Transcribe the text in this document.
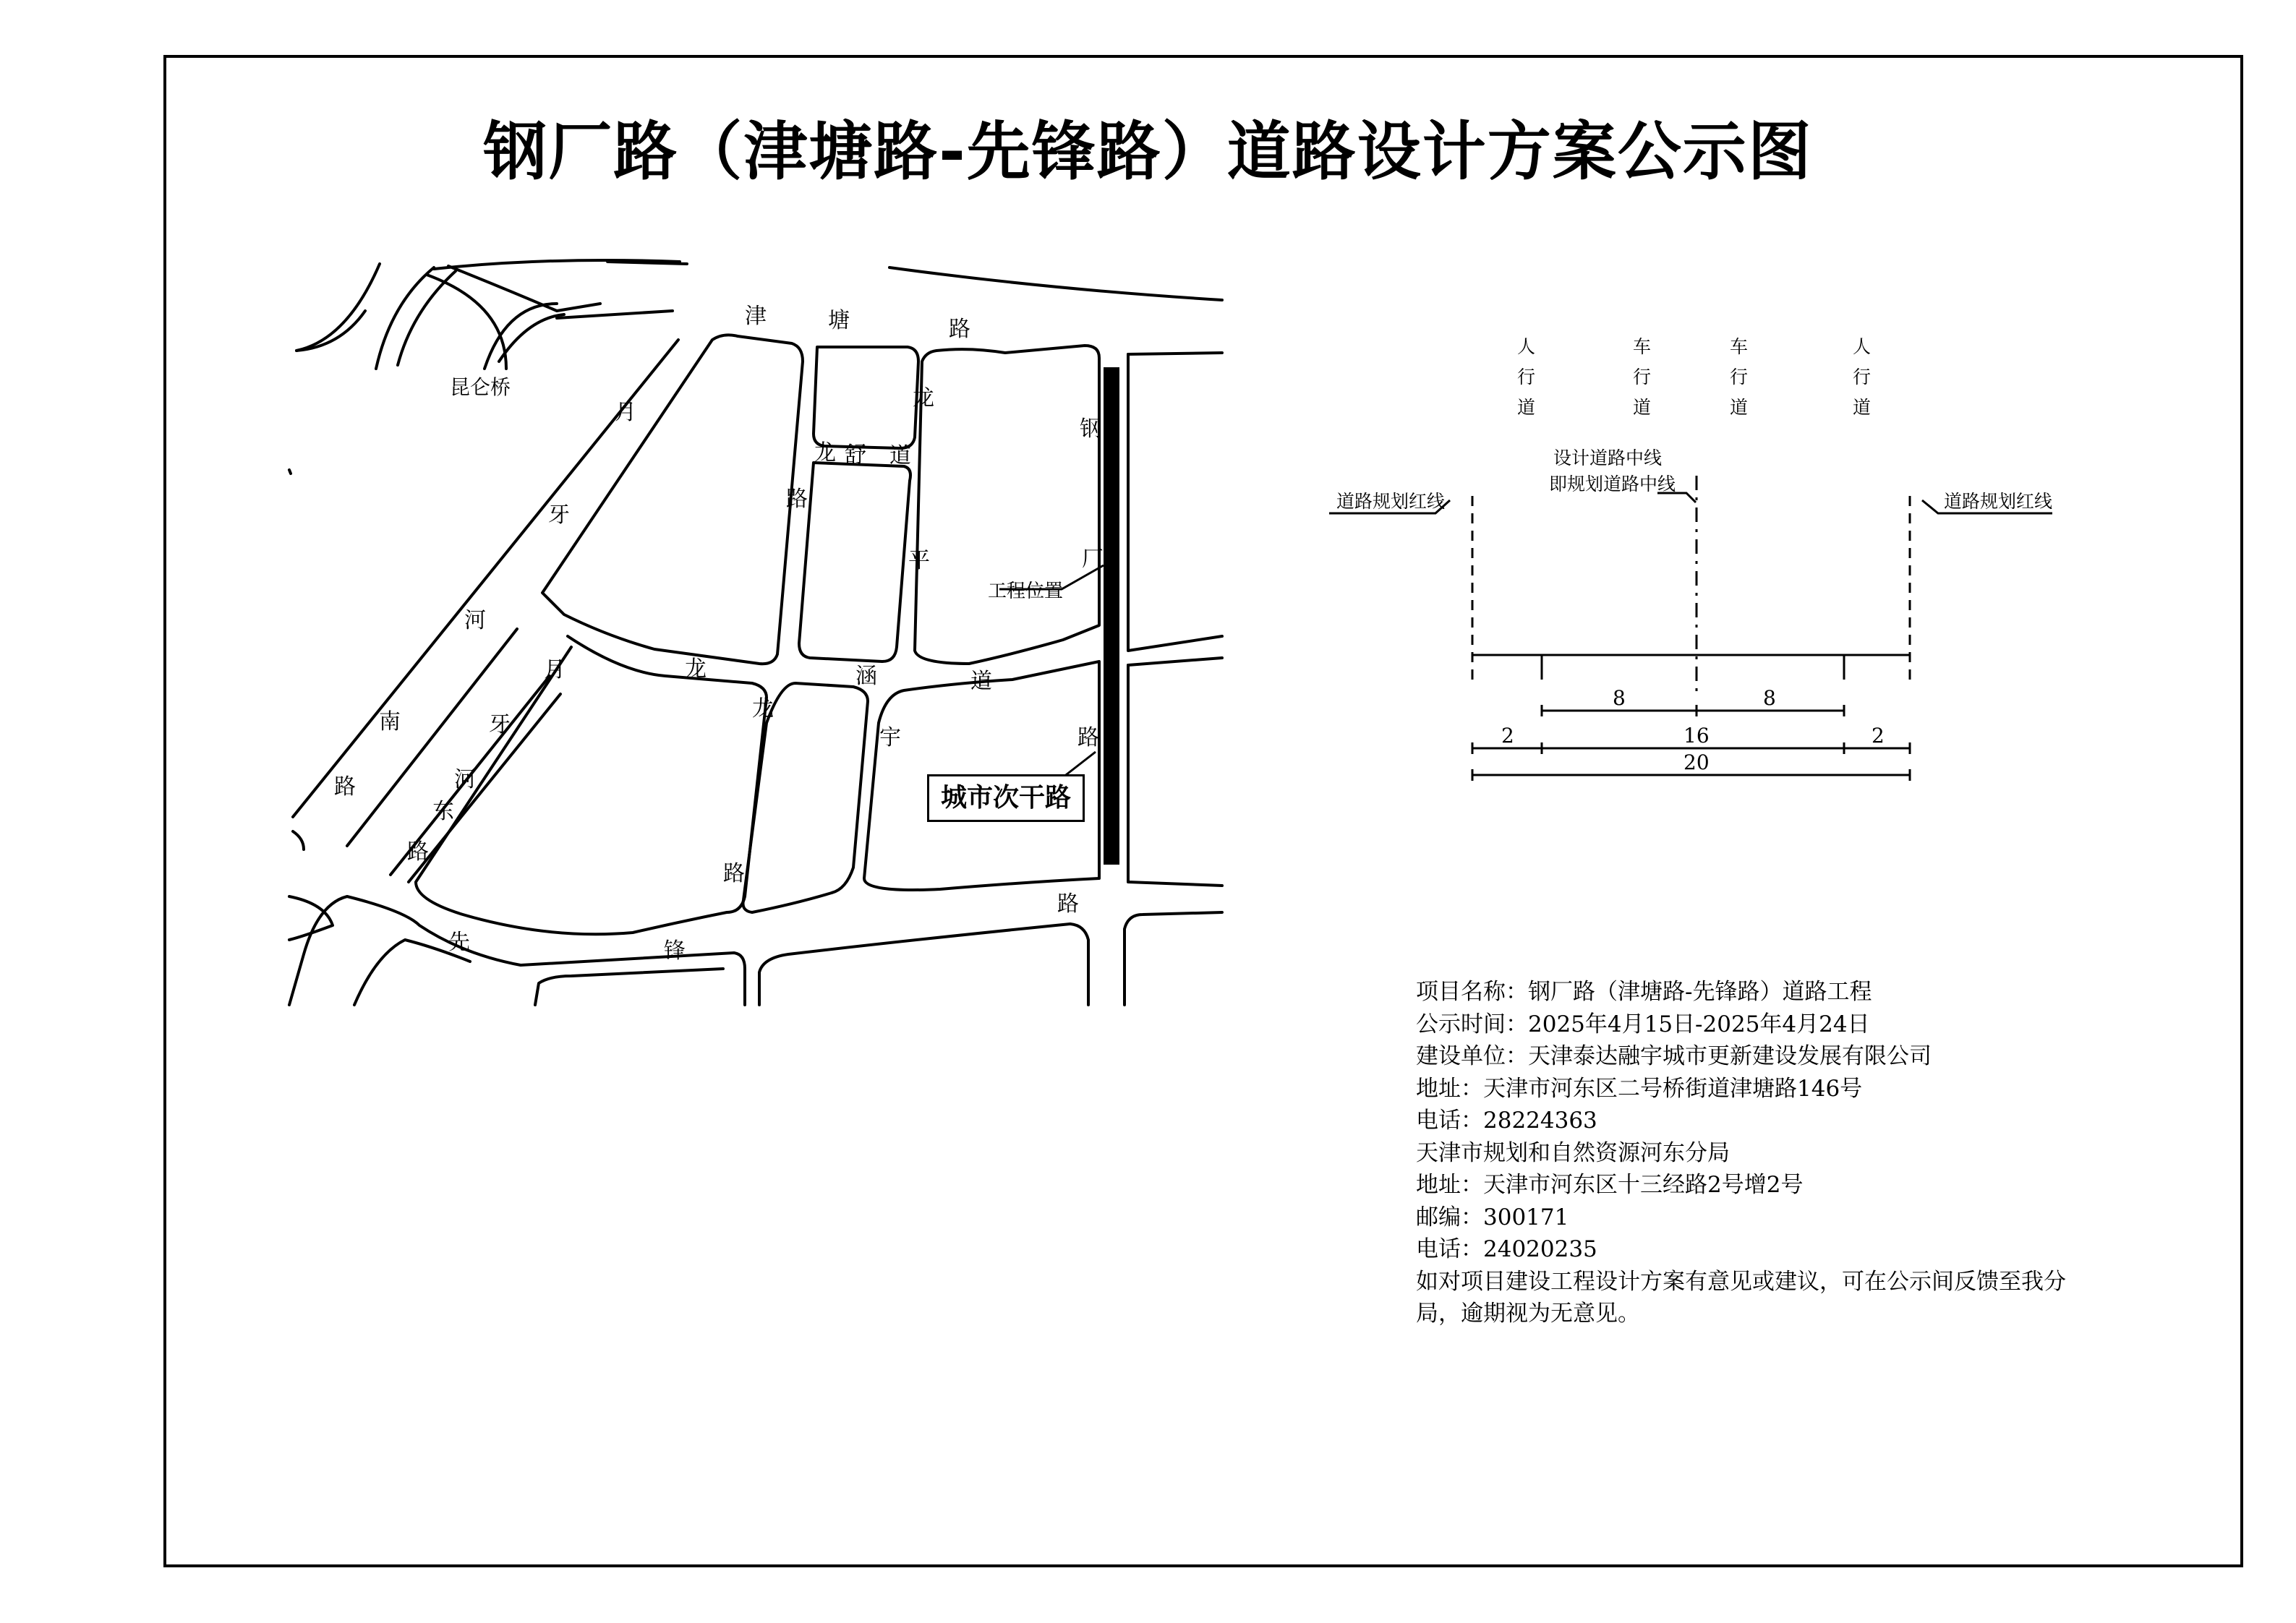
钢厂路（津塘路-先锋路）道路设计方案公示图
津	塘	路
钢
厂
路
先	锋
路
月
牙
河
南
路
月
牙
河
东
路
龙 舒 道
龙
平
路
龙	涵	道
龙
宇
路
昆仑桥
工程位置
城市次干路
人
行
道
车
行
道
车
行
道
人
行
道
设计道路中线
即规划道路中线
道路规划红线	道路规划红线
8	8
2	16	2
20
项目名称：钢厂路（津塘路-先锋路）道路工程
公示时间：2025年4月15日-2025年4月24日
建设单位：天津泰达融宇城市更新建设发展有限公司
地址：天津市河东区二号桥街道津塘路146号
电话：28224363
天津市规划和自然资源河东分局
地址：天津市河东区十三经路2号增2号
邮编：300171
电话：24020235
如对项目建设工程设计方案有意见或建议，可在公示间反馈至我分局，逾期视为无意见。
